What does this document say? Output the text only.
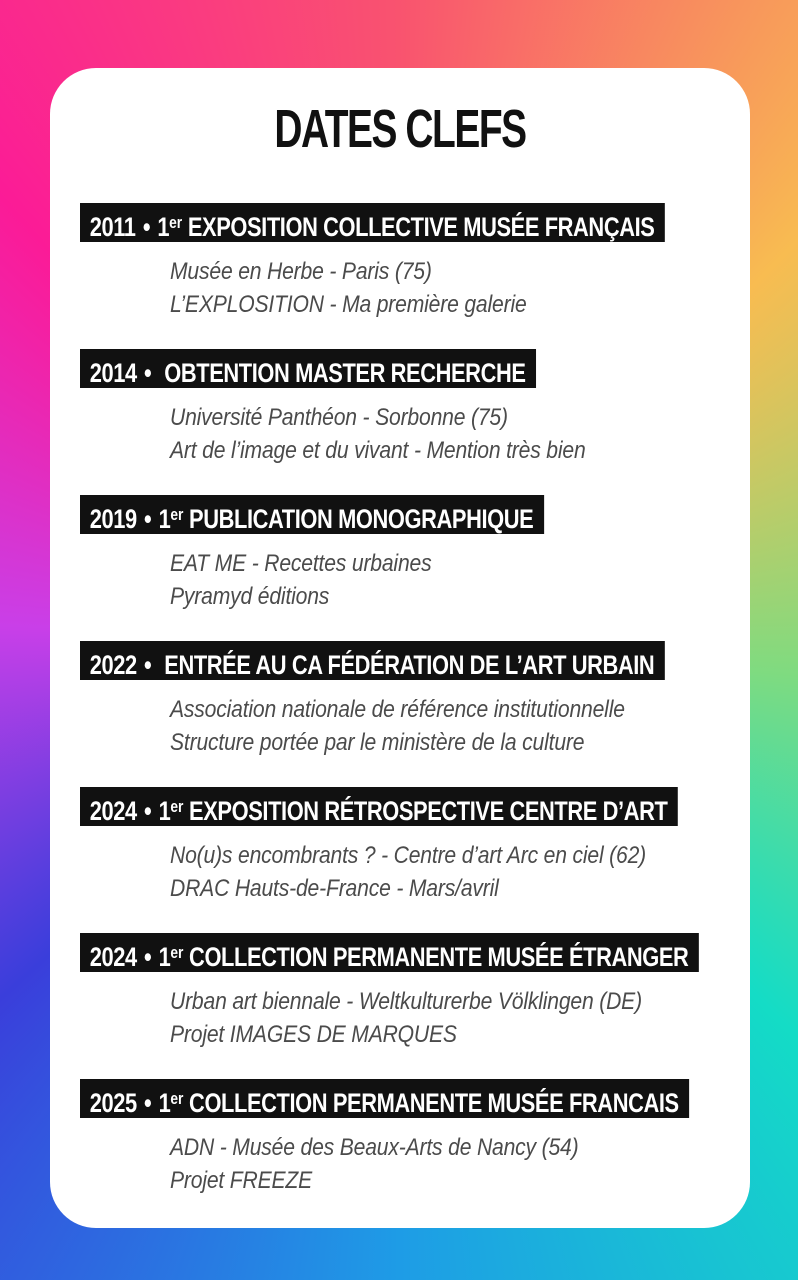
DATES CLEFS
2011 • 1er EXPOSITION COLLECTIVE MUSÉE FRANÇAIS
Musée en Herbe - Paris (75)
L’EXPLOSITION - Ma première galerie
2014 • OBTENTION MASTER RECHERCHE
Université Panthéon - Sorbonne (75)
Art de l’image et du vivant - Mention très bien
2019 • 1er PUBLICATION MONOGRAPHIQUE
EAT ME - Recettes urbaines
Pyramyd éditions
2022 • ENTRÉE AU CA FÉDÉRATION DE L’ART URBAIN
Association nationale de référence institutionnelle
Structure portée par le ministère de la culture
2024 • 1er EXPOSITION RÉTROSPECTIVE CENTRE D’ART
No(u)s encombrants ? - Centre d’art Arc en ciel (62)
DRAC Hauts-de-France - Mars/avril
2024 • 1er COLLECTION PERMANENTE MUSÉE ÉTRANGER
Urban art biennale - Weltkulturerbe Völklingen (DE)
Projet IMAGES DE MARQUES
2025 • 1er COLLECTION PERMANENTE MUSÉE FRANCAIS
ADN - Musée des Beaux-Arts de Nancy (54)
Projet FREEZE
